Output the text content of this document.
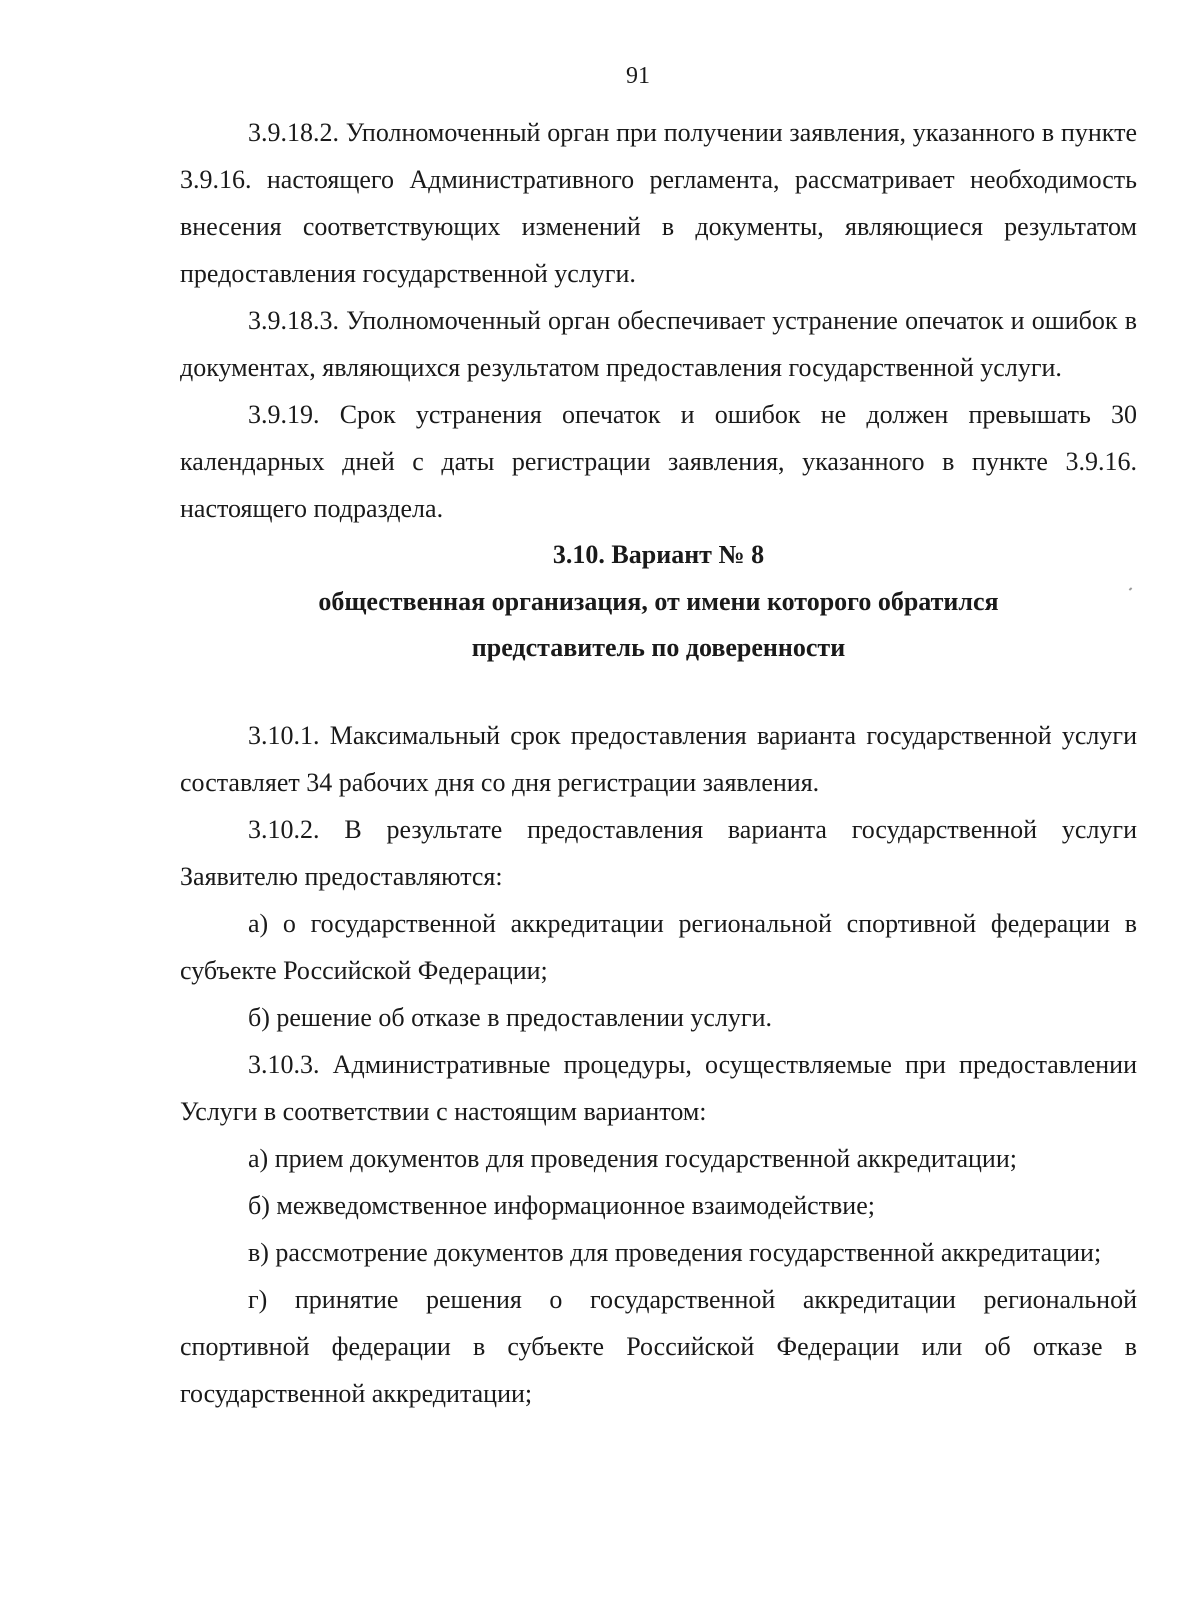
91

3.9.18.2. Уполномоченный орган при получении заявления, указанного в пункте 3.9.16. настоящего Административного регламента, рассматривает необходимость внесения соответствующих изменений в документы, являющиеся результатом предоставления государственной услуги.

3.9.18.3. Уполномоченный орган обеспечивает устранение опечаток и ошибок в документах, являющихся результатом предоставления государственной услуги.

3.9.19. Срок устранения опечаток и ошибок не должен превышать 30 календарных дней с даты регистрации заявления, указанного в пункте 3.9.16. настоящего подраздела.

3.10. Вариант № 8

общественная организация, от имени которого обратился

представитель по доверенности

3.10.1. Максимальный срок предоставления варианта государственной услуги составляет 34 рабочих дня со дня регистрации заявления.

3.10.2. В результате предоставления варианта государственной услуги Заявителю предоставляются:

а) о государственной аккредитации региональной спортивной федерации в субъекте Российской Федерации;

б) решение об отказе в предоставлении услуги.

3.10.3. Административные процедуры, осуществляемые при предоставлении Услуги в соответствии с настоящим вариантом:

а) прием документов для проведения государственной аккредитации;

б) межведомственное информационное взаимодействие;

в) рассмотрение документов для проведения государственной аккредитации;

г) принятие решения о государственной аккредитации региональной спортивной федерации в субъекте Российской Федерации или об отказе в государственной аккредитации;
